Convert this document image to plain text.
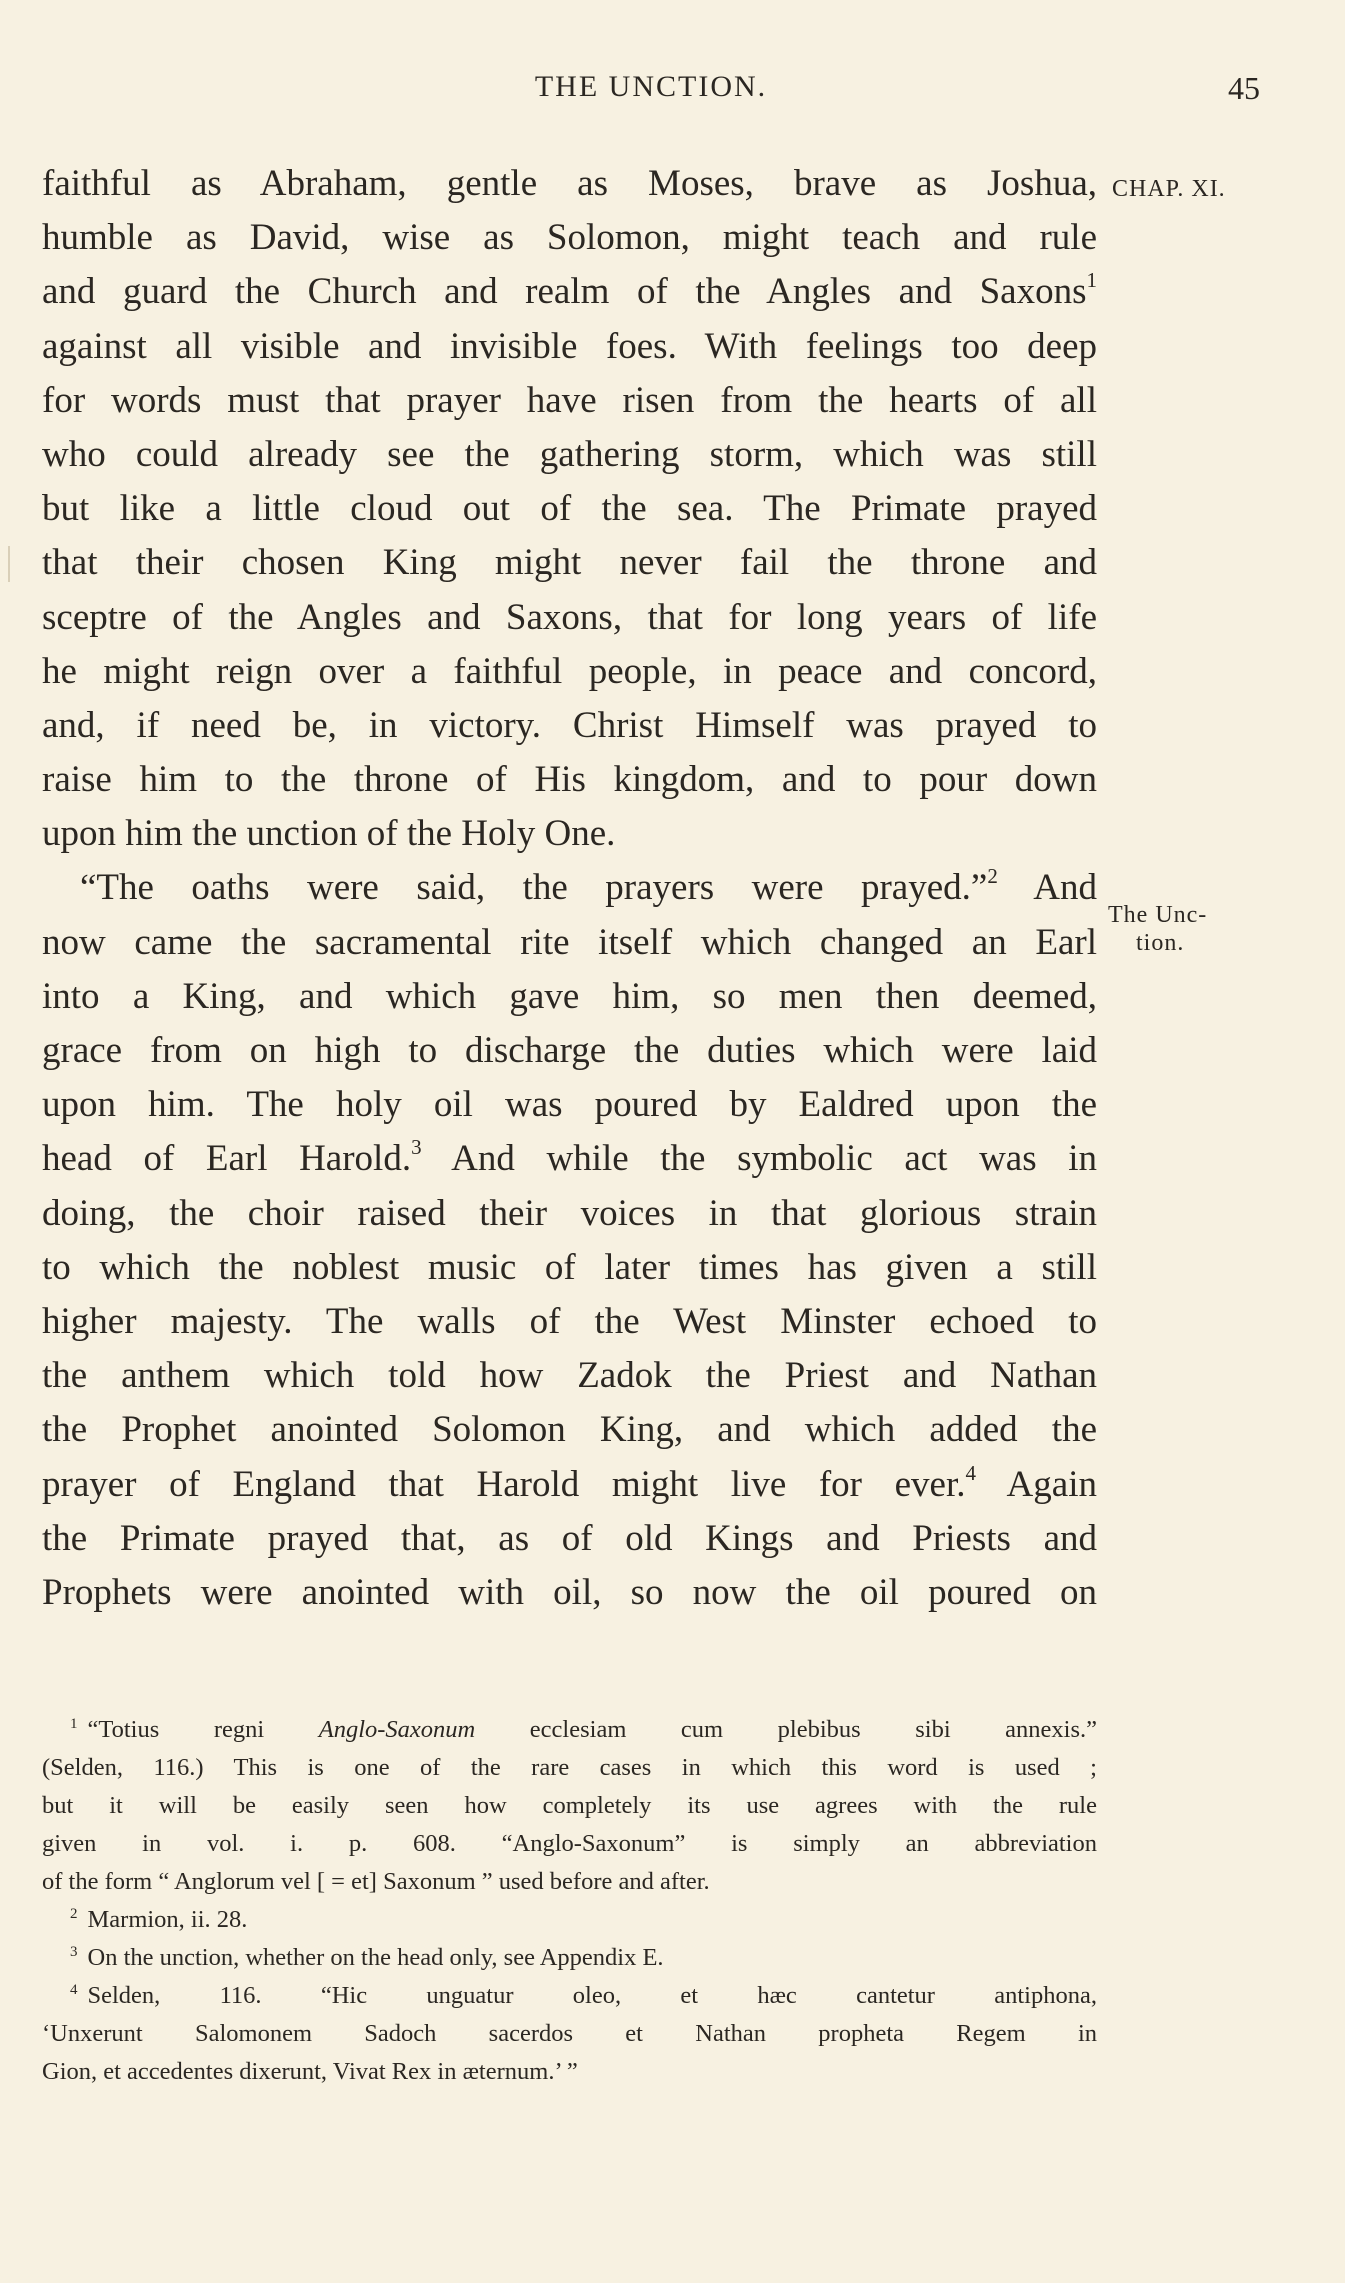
THE UNCTION.	45
CHAP. XI.
The Unc-
tion.
faithful as Abraham, gentle as Moses, brave as Joshua,
humble as David, wise as Solomon, might teach and rule
and guard the Church and realm of the Angles and Saxons$^1$
against all visible and invisible foes. With feelings too deep
for words must that prayer have risen from the hearts of all
who could already see the gathering storm, which was still
but like a little cloud out of the sea. The Primate prayed
that their chosen King might never fail the throne and
sceptre of the Angles and Saxons, that for long years of life
he might reign over a faithful people, in peace and concord,
and, if need be, in victory. Christ Himself was prayed to
raise him to the throne of His kingdom, and to pour down
upon him the unction of the Holy One.
“The oaths were said, the prayers were prayed.”$^2$ And
now came the sacramental rite itself which changed an Earl
into a King, and which gave him, so men then deemed,
grace from on high to discharge the duties which were laid
upon him. The holy oil was poured by Ealdred upon the
head of Earl Harold.$^3$ And while the symbolic act was in
doing, the choir raised their voices in that glorious strain
to which the noblest music of later times has given a still
higher majesty. The walls of the West Minster echoed to
the anthem which told how Zadok the Priest and Nathan
the Prophet anointed Solomon King, and which added the
prayer of England that Harold might live for ever.$^4$ Again
the Primate prayed that, as of old Kings and Priests and
Prophets were anointed with oil, so now the oil poured on
$^1$ “Totius regni Anglo-Saxonum ecclesiam cum plebibus sibi annexis.”
(Selden, 116.) This is one of the rare cases in which this word is used ;
but it will be easily seen how completely its use agrees with the rule
given in vol. i. p. 608. “Anglo-Saxonum” is simply an abbreviation
of the form “ Anglorum vel [ = et] Saxonum ” used before and after.
$^2$ Marmion, ii. 28.
$^3$ On the unction, whether on the head only, see Appendix E.
$^4$ Selden, 116. “Hic unguatur oleo, et hæc cantetur antiphona,
‘Unxerunt Salomonem Sadoch sacerdos et Nathan propheta Regem in
Gion, et accedentes dixerunt, Vivat Rex in æternum.’ ”
